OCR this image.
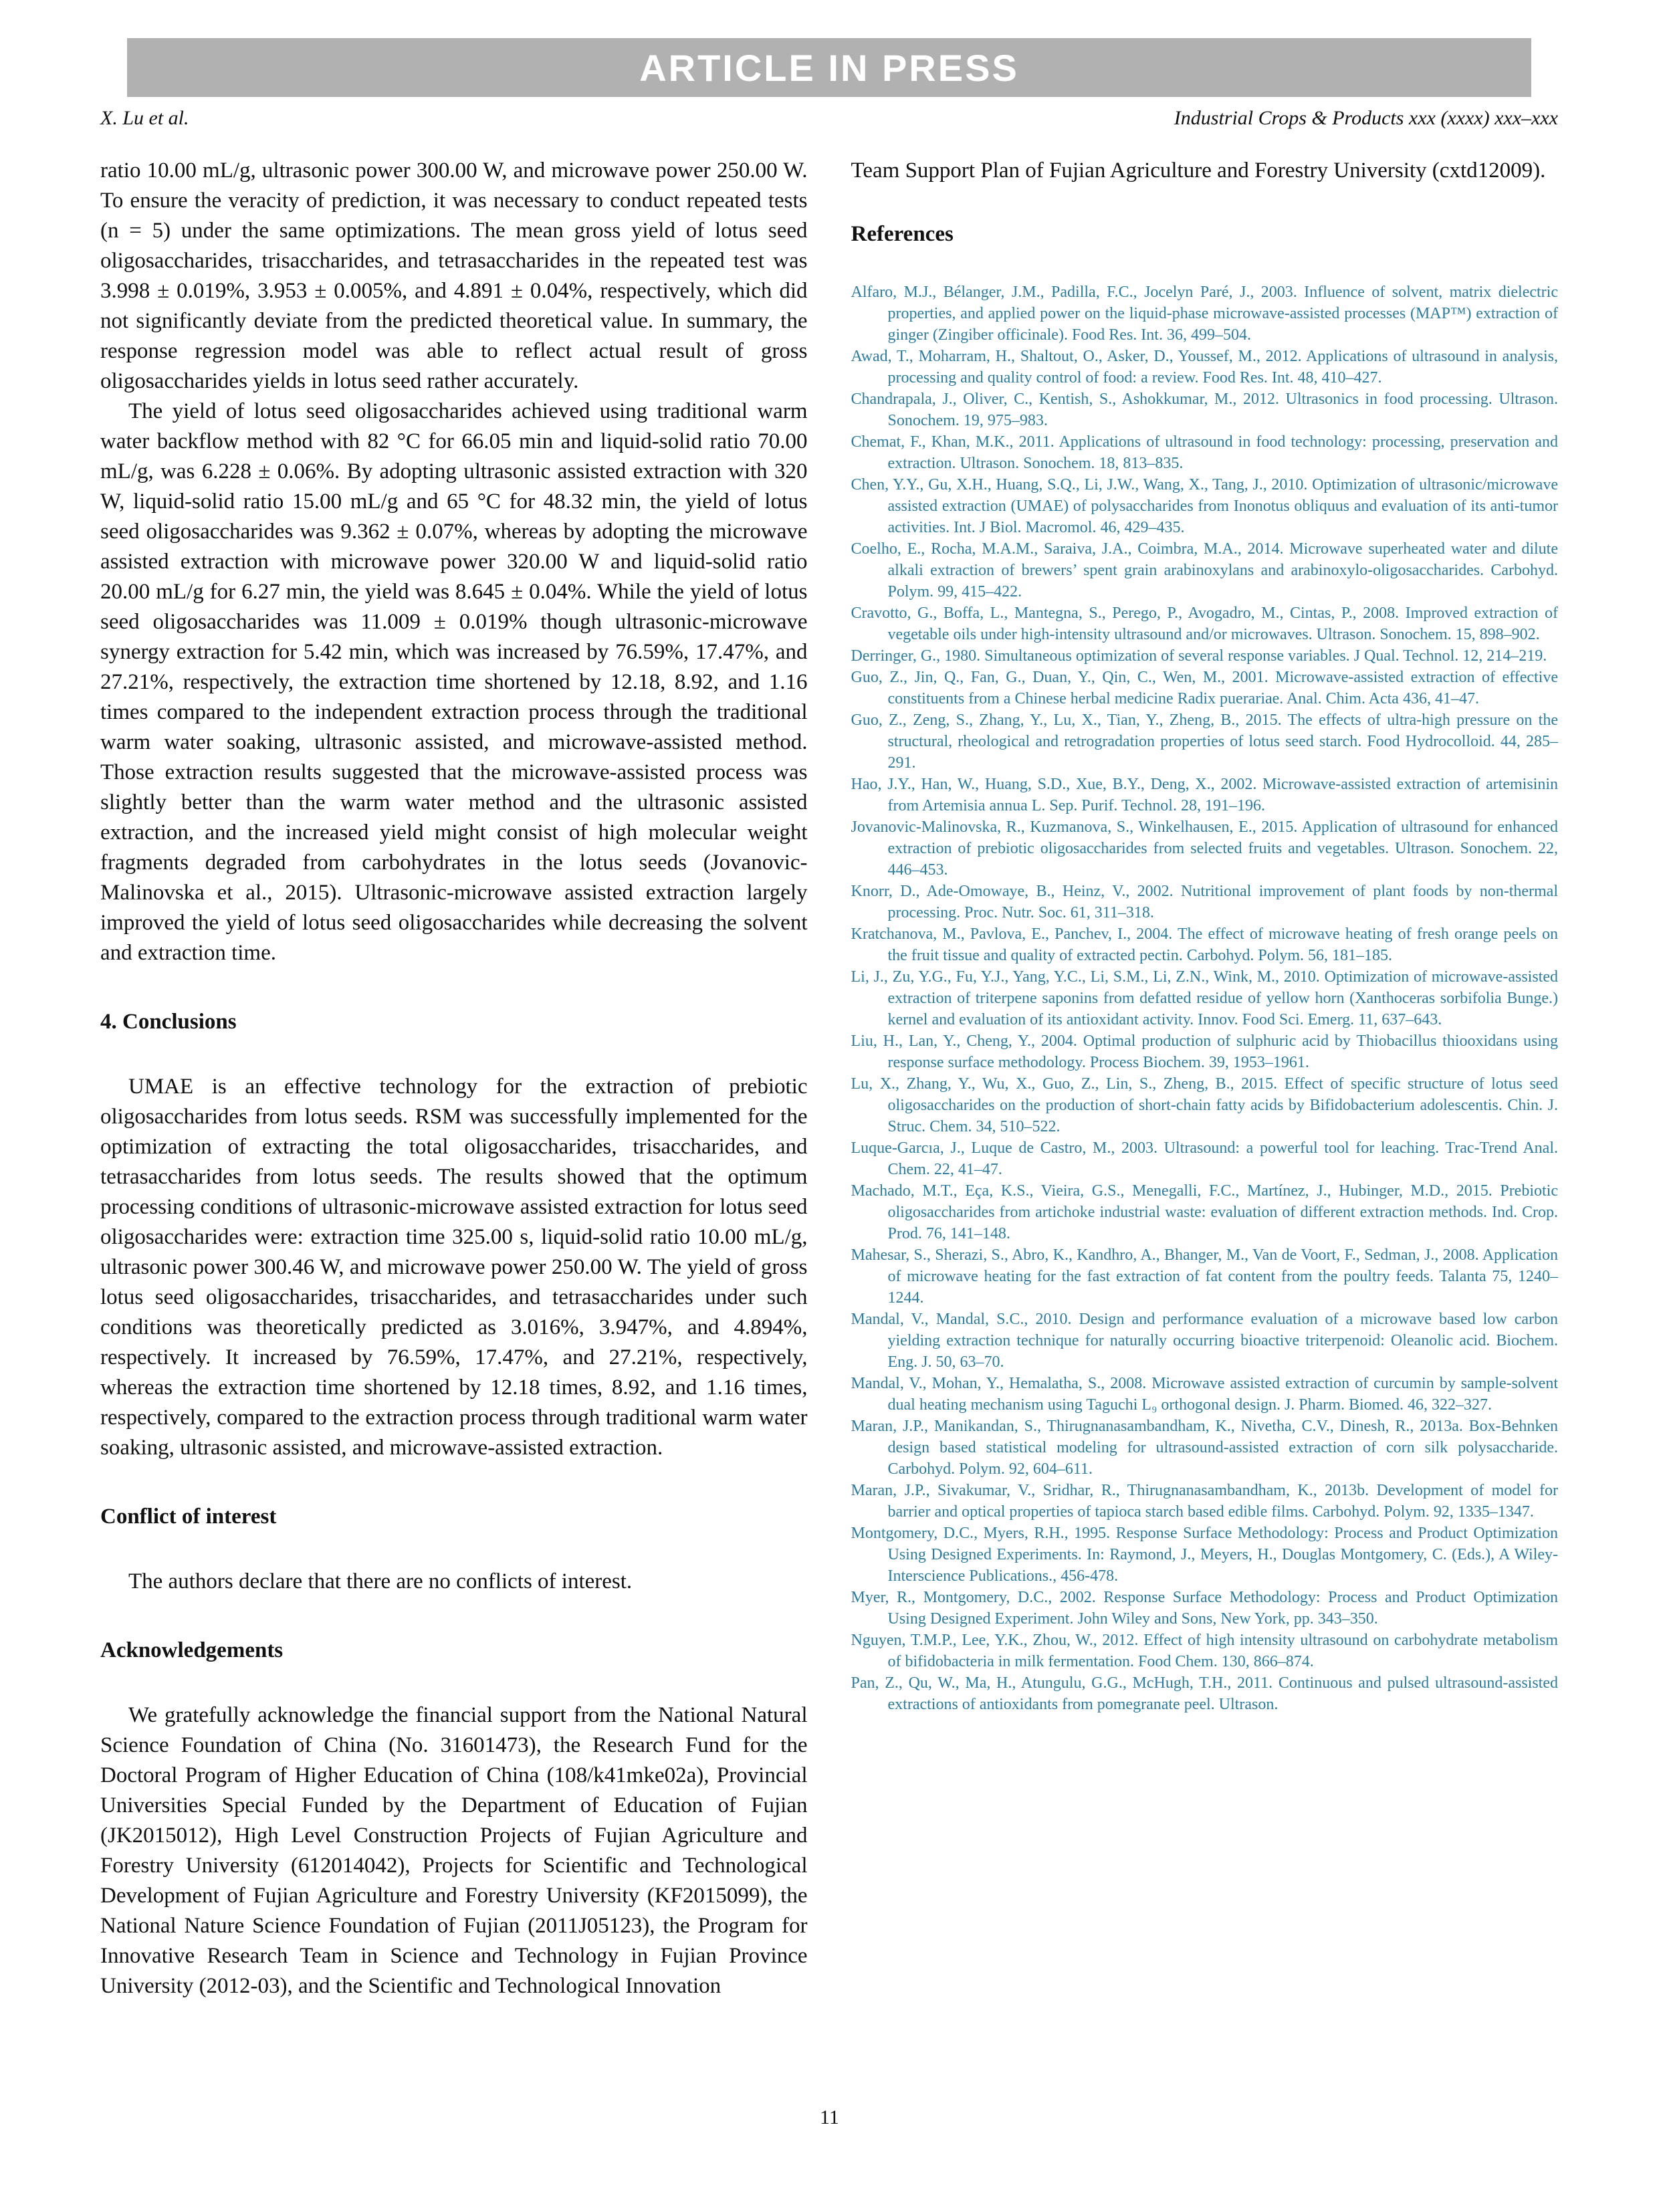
ARTICLE IN PRESS
X. Lu et al.	Industrial Crops & Products xxx (xxxx) xxx–xxx

ratio 10.00 mL/g, ultrasonic power 300.00 W, and microwave power 250.00 W. To ensure the veracity of prediction, it was necessary to conduct repeated tests (n = 5) under the same optimizations. The mean gross yield of lotus seed oligosaccharides, trisaccharides, and tetrasaccharides in the repeated test was 3.998 ± 0.019%, 3.953 ± 0.005%, and 4.891 ± 0.04%, respectively, which did not significantly deviate from the predicted theoretical value. In summary, the response regression model was able to reflect actual result of gross oligosaccharides yields in lotus seed rather accurately.

The yield of lotus seed oligosaccharides achieved using traditional warm water backflow method with 82 °C for 66.05 min and liquid-solid ratio 70.00 mL/g, was 6.228 ± 0.06%. By adopting ultrasonic assisted extraction with 320 W, liquid-solid ratio 15.00 mL/g and 65 °C for 48.32 min, the yield of lotus seed oligosaccharides was 9.362 ± 0.07%, whereas by adopting the microwave assisted extraction with microwave power 320.00 W and liquid-solid ratio 20.00 mL/g for 6.27 min, the yield was 8.645 ± 0.04%. While the yield of lotus seed oligosaccharides was 11.009 ± 0.019% though ultrasonic-microwave synergy extraction for 5.42 min, which was increased by 76.59%, 17.47%, and 27.21%, respectively, the extraction time shortened by 12.18, 8.92, and 1.16 times compared to the independent extraction process through the traditional warm water soaking, ultrasonic assisted, and microwave-assisted method. Those extraction results suggested that the microwave-assisted process was slightly better than the warm water method and the ultrasonic assisted extraction, and the increased yield might consist of high molecular weight fragments degraded from carbohydrates in the lotus seeds (Jovanovic-Malinovska et al., 2015). Ultrasonic-microwave assisted extraction largely improved the yield of lotus seed oligosaccharides while decreasing the solvent and extraction time.

4. Conclusions

UMAE is an effective technology for the extraction of prebiotic oligosaccharides from lotus seeds. RSM was successfully implemented for the optimization of extracting the total oligosaccharides, trisaccharides, and tetrasaccharides from lotus seeds. The results showed that the optimum processing conditions of ultrasonic-microwave assisted extraction for lotus seed oligosaccharides were: extraction time 325.00 s, liquid-solid ratio 10.00 mL/g, ultrasonic power 300.46 W, and microwave power 250.00 W. The yield of gross lotus seed oligosaccharides, trisaccharides, and tetrasaccharides under such conditions was theoretically predicted as 3.016%, 3.947%, and 4.894%, respectively. It increased by 76.59%, 17.47%, and 27.21%, respectively, whereas the extraction time shortened by 12.18 times, 8.92, and 1.16 times, respectively, compared to the extraction process through traditional warm water soaking, ultrasonic assisted, and microwave-assisted extraction.

Conflict of interest

The authors declare that there are no conflicts of interest.

Acknowledgements

We gratefully acknowledge the financial support from the National Natural Science Foundation of China (No. 31601473), the Research Fund for the Doctoral Program of Higher Education of China (108/k41mke02a), Provincial Universities Special Funded by the Department of Education of Fujian (JK2015012), High Level Construction Projects of Fujian Agriculture and Forestry University (612014042), Projects for Scientific and Technological Development of Fujian Agriculture and Forestry University (KF2015099), the National Nature Science Foundation of Fujian (2011J05123), the Program for Innovative Research Team in Science and Technology in Fujian Province University (2012-03), and the Scientific and Technological Innovation

Team Support Plan of Fujian Agriculture and Forestry University (cxtd12009).

References
Alfaro, M.J., Bélanger, J.M., Padilla, F.C., Jocelyn Paré, J., 2003. Influence of solvent, matrix dielectric properties, and applied power on the liquid-phase microwave-assisted processes (MAP™) extraction of ginger (Zingiber officinale). Food Res. Int. 36, 499–504.
Awad, T., Moharram, H., Shaltout, O., Asker, D., Youssef, M., 2012. Applications of ultrasound in analysis, processing and quality control of food: a review. Food Res. Int. 48, 410–427.
Chandrapala, J., Oliver, C., Kentish, S., Ashokkumar, M., 2012. Ultrasonics in food processing. Ultrason. Sonochem. 19, 975–983.
Chemat, F., Khan, M.K., 2011. Applications of ultrasound in food technology: processing, preservation and extraction. Ultrason. Sonochem. 18, 813–835.
Chen, Y.Y., Gu, X.H., Huang, S.Q., Li, J.W., Wang, X., Tang, J., 2010. Optimization of ultrasonic/microwave assisted extraction (UMAE) of polysaccharides from Inonotus obliquus and evaluation of its anti-tumor activities. Int. J Biol. Macromol. 46, 429–435.
Coelho, E., Rocha, M.A.M., Saraiva, J.A., Coimbra, M.A., 2014. Microwave superheated water and dilute alkali extraction of brewers’ spent grain arabinoxylans and arabinoxylo-oligosaccharides. Carbohyd. Polym. 99, 415–422.
Cravotto, G., Boffa, L., Mantegna, S., Perego, P., Avogadro, M., Cintas, P., 2008. Improved extraction of vegetable oils under high-intensity ultrasound and/or microwaves. Ultrason. Sonochem. 15, 898–902.
Derringer, G., 1980. Simultaneous optimization of several response variables. J Qual. Technol. 12, 214–219.
Guo, Z., Jin, Q., Fan, G., Duan, Y., Qin, C., Wen, M., 2001. Microwave-assisted extraction of effective constituents from a Chinese herbal medicine Radix puerariae. Anal. Chim. Acta 436, 41–47.
Guo, Z., Zeng, S., Zhang, Y., Lu, X., Tian, Y., Zheng, B., 2015. The effects of ultra-high pressure on the structural, rheological and retrogradation properties of lotus seed starch. Food Hydrocolloid. 44, 285–291.
Hao, J.Y., Han, W., Huang, S.D., Xue, B.Y., Deng, X., 2002. Microwave-assisted extraction of artemisinin from Artemisia annua L. Sep. Purif. Technol. 28, 191–196.
Jovanovic-Malinovska, R., Kuzmanova, S., Winkelhausen, E., 2015. Application of ultrasound for enhanced extraction of prebiotic oligosaccharides from selected fruits and vegetables. Ultrason. Sonochem. 22, 446–453.
Knorr, D., Ade-Omowaye, B., Heinz, V., 2002. Nutritional improvement of plant foods by non-thermal processing. Proc. Nutr. Soc. 61, 311–318.
Kratchanova, M., Pavlova, E., Panchev, I., 2004. The effect of microwave heating of fresh orange peels on the fruit tissue and quality of extracted pectin. Carbohyd. Polym. 56, 181–185.
Li, J., Zu, Y.G., Fu, Y.J., Yang, Y.C., Li, S.M., Li, Z.N., Wink, M., 2010. Optimization of microwave-assisted extraction of triterpene saponins from defatted residue of yellow horn (Xanthoceras sorbifolia Bunge.) kernel and evaluation of its antioxidant activity. Innov. Food Sci. Emerg. 11, 637–643.
Liu, H., Lan, Y., Cheng, Y., 2004. Optimal production of sulphuric acid by Thiobacillus thiooxidans using response surface methodology. Process Biochem. 39, 1953–1961.
Lu, X., Zhang, Y., Wu, X., Guo, Z., Lin, S., Zheng, B., 2015. Effect of specific structure of lotus seed oligosaccharides on the production of short-chain fatty acids by Bifidobacterium adolescentis. Chin. J. Struc. Chem. 34, 510–522.
Luque-Garcıa, J., Luque de Castro, M., 2003. Ultrasound: a powerful tool for leaching. Trac-Trend Anal. Chem. 22, 41–47.
Machado, M.T., Eça, K.S., Vieira, G.S., Menegalli, F.C., Martínez, J., Hubinger, M.D., 2015. Prebiotic oligosaccharides from artichoke industrial waste: evaluation of different extraction methods. Ind. Crop. Prod. 76, 141–148.
Mahesar, S., Sherazi, S., Abro, K., Kandhro, A., Bhanger, M., Van de Voort, F., Sedman, J., 2008. Application of microwave heating for the fast extraction of fat content from the poultry feeds. Talanta 75, 1240–1244.
Mandal, V., Mandal, S.C., 2010. Design and performance evaluation of a microwave based low carbon yielding extraction technique for naturally occurring bioactive triterpenoid: Oleanolic acid. Biochem. Eng. J. 50, 63–70.
Mandal, V., Mohan, Y., Hemalatha, S., 2008. Microwave assisted extraction of curcumin by sample-solvent dual heating mechanism using Taguchi L₉ orthogonal design. J. Pharm. Biomed. 46, 322–327.
Maran, J.P., Manikandan, S., Thirugnanasambandham, K., Nivetha, C.V., Dinesh, R., 2013a. Box-Behnken design based statistical modeling for ultrasound-assisted extraction of corn silk polysaccharide. Carbohyd. Polym. 92, 604–611.
Maran, J.P., Sivakumar, V., Sridhar, R., Thirugnanasambandham, K., 2013b. Development of model for barrier and optical properties of tapioca starch based edible films. Carbohyd. Polym. 92, 1335–1347.
Montgomery, D.C., Myers, R.H., 1995. Response Surface Methodology: Process and Product Optimization Using Designed Experiments. In: Raymond, J., Meyers, H., Douglas Montgomery, C. (Eds.), A Wiley-Interscience Publications., 456-478.
Myer, R., Montgomery, D.C., 2002. Response Surface Methodology: Process and Product Optimization Using Designed Experiment. John Wiley and Sons, New York, pp. 343–350.
Nguyen, T.M.P., Lee, Y.K., Zhou, W., 2012. Effect of high intensity ultrasound on carbohydrate metabolism of bifidobacteria in milk fermentation. Food Chem. 130, 866–874.
Pan, Z., Qu, W., Ma, H., Atungulu, G.G., McHugh, T.H., 2011. Continuous and pulsed ultrasound-assisted extractions of antioxidants from pomegranate peel. Ultrason.
11
